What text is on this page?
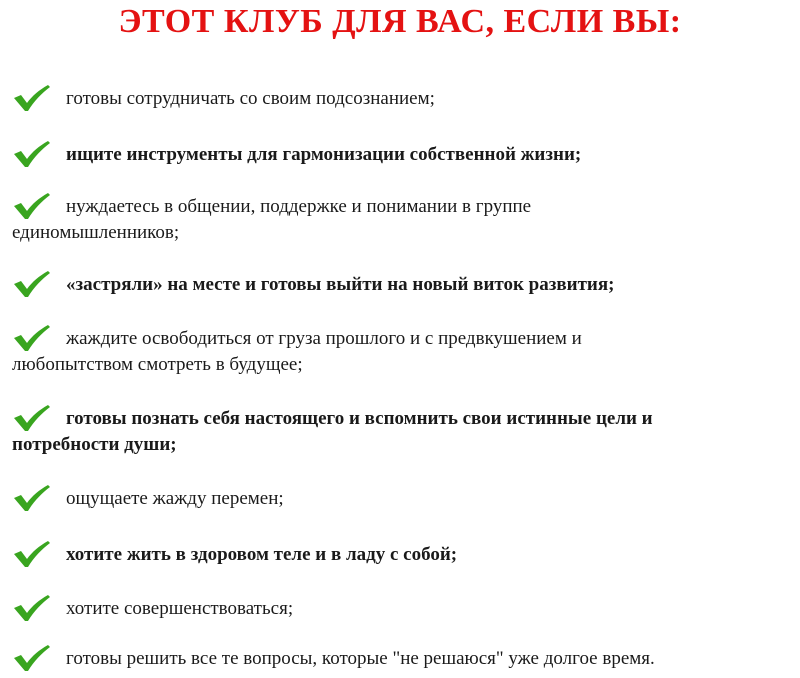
ЭТОТ КЛУБ ДЛЯ ВАС, ЕСЛИ ВЫ:
готовы сотрудничать со своим подсознанием;
ищите инструменты для гармонизации собственной жизни;
нуждаетесь в общении, поддержке и понимании в группе
единомышленников;
«застряли» на месте и готовы выйти на новый виток развития;
жаждите освободиться от груза прошлого и с предвкушением и
любопытством смотреть в будущее;
готовы познать себя настоящего и вспомнить свои истинные цели и
потребности души;
ощущаете жажду перемен;
хотите жить в здоровом теле и в ладу с собой;
хотите совершенствоваться;
готовы решить все те вопросы, которые "не решаюся" уже долгое время.
